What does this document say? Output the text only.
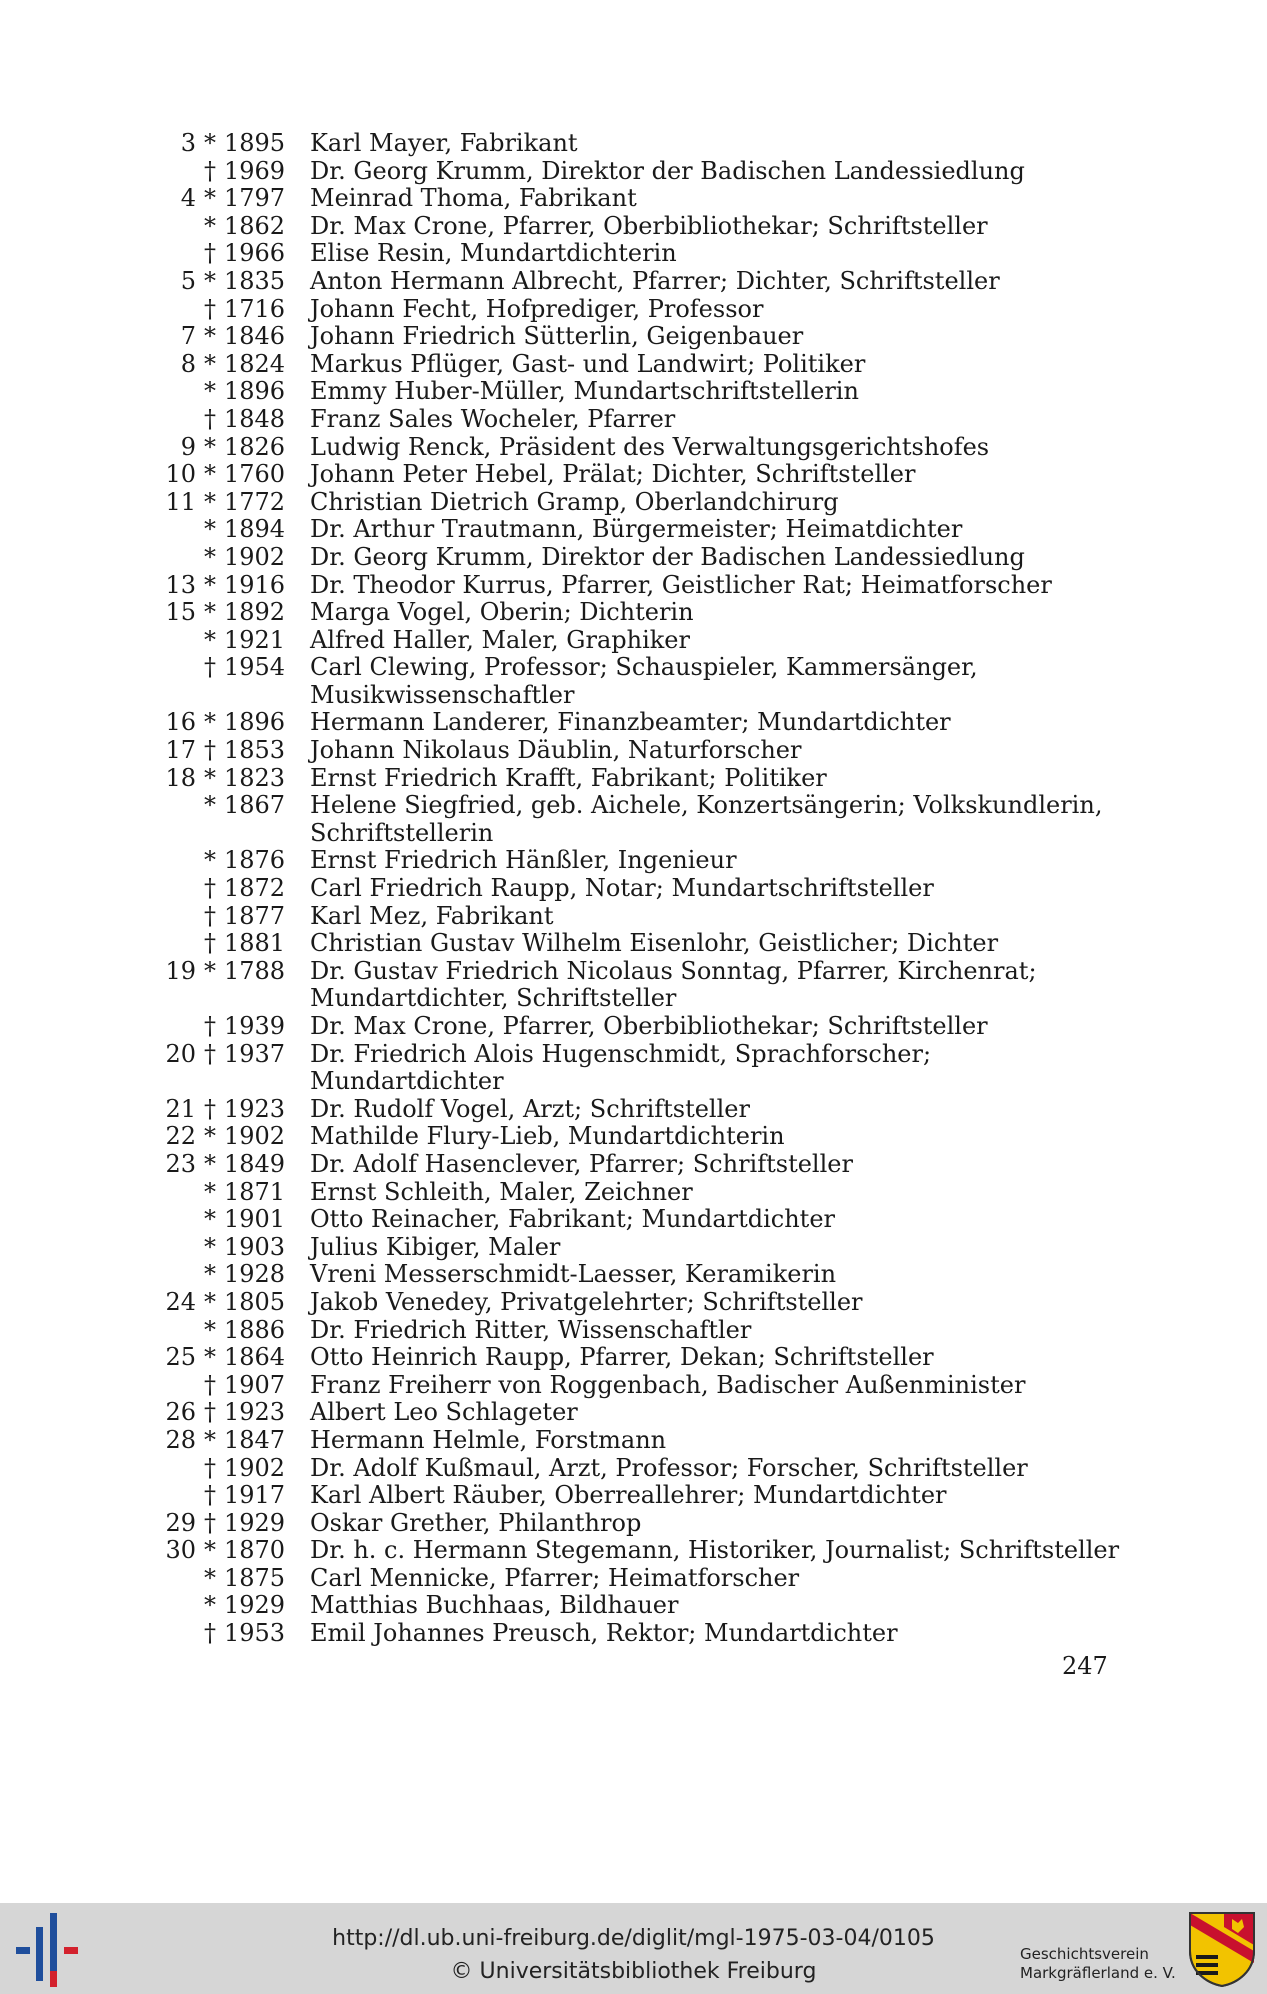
3 * 1895	Karl Mayer, Fabrikant
† 1969	Dr. Georg Krumm, Direktor der Badischen Landessiedlung
4 * 1797	Meinrad Thoma, Fabrikant
* 1862	Dr. Max Crone, Pfarrer, Oberbibliothekar; Schriftsteller
† 1966	Elise Resin, Mundartdichterin
5 * 1835	Anton Hermann Albrecht, Pfarrer; Dichter, Schriftsteller
† 1716	Johann Fecht, Hofprediger, Professor
7 * 1846	Johann Friedrich Sütterlin, Geigenbauer
8 * 1824	Markus Pflüger, Gast- und Landwirt; Politiker
* 1896	Emmy Huber-Müller, Mundartschriftstellerin
† 1848	Franz Sales Wocheler, Pfarrer
9 * 1826	Ludwig Renck, Präsident des Verwaltungsgerichtshofes
10 * 1760	Johann Peter Hebel, Prälat; Dichter, Schriftsteller
11 * 1772	Christian Dietrich Gramp, Oberlandchirurg
* 1894	Dr. Arthur Trautmann, Bürgermeister; Heimatdichter
* 1902	Dr. Georg Krumm, Direktor der Badischen Landessiedlung
13 * 1916	Dr. Theodor Kurrus, Pfarrer, Geistlicher Rat; Heimatforscher
15 * 1892	Marga Vogel, Oberin; Dichterin
* 1921	Alfred Haller, Maler, Graphiker
† 1954	Carl Clewing, Professor; Schauspieler, Kammersänger,
Musikwissenschaftler
16 * 1896	Hermann Landerer, Finanzbeamter; Mundartdichter
17 † 1853	Johann Nikolaus Däublin, Naturforscher
18 * 1823	Ernst Friedrich Krafft, Fabrikant; Politiker
* 1867	Helene Siegfried, geb. Aichele, Konzertsängerin; Volkskundlerin,
Schriftstellerin
* 1876	Ernst Friedrich Hänßler, Ingenieur
† 1872	Carl Friedrich Raupp, Notar; Mundartschriftsteller
† 1877	Karl Mez, Fabrikant
† 1881	Christian Gustav Wilhelm Eisenlohr, Geistlicher; Dichter
19 * 1788	Dr. Gustav Friedrich Nicolaus Sonntag, Pfarrer, Kirchenrat;
Mundartdichter, Schriftsteller
† 1939	Dr. Max Crone, Pfarrer, Oberbibliothekar; Schriftsteller
20 † 1937	Dr. Friedrich Alois Hugenschmidt, Sprachforscher; Mundartdichter
21 † 1923	Dr. Rudolf Vogel, Arzt; Schriftsteller
22 * 1902	Mathilde Flury-Lieb, Mundartdichterin
23 * 1849	Dr. Adolf Hasenclever, Pfarrer; Schriftsteller
* 1871	Ernst Schleith, Maler, Zeichner
* 1901	Otto Reinacher, Fabrikant; Mundartdichter
* 1903	Julius Kibiger, Maler
* 1928	Vreni Messerschmidt-Laesser, Keramikerin
24 * 1805	Jakob Venedey, Privatgelehrter; Schriftsteller
* 1886	Dr. Friedrich Ritter, Wissenschaftler
25 * 1864	Otto Heinrich Raupp, Pfarrer, Dekan; Schriftsteller
† 1907	Franz Freiherr von Roggenbach, Badischer Außenminister
26 † 1923	Albert Leo Schlageter
28 * 1847	Hermann Helmle, Forstmann
† 1902	Dr. Adolf Kußmaul, Arzt, Professor; Forscher, Schriftsteller
† 1917	Karl Albert Räuber, Oberreallehrer; Mundartdichter
29 † 1929	Oskar Grether, Philanthrop
30 * 1870	Dr. h. c. Hermann Stegemann, Historiker, Journalist; Schriftsteller
* 1875	Carl Mennicke, Pfarrer; Heimatforscher
* 1929	Matthias Buchhaas, Bildhauer
† 1953	Emil Johannes Preusch, Rektor; Mundartdichter
247
http://dl.ub.uni-freiburg.de/diglit/mgl-1975-03-04/0105
© Universitätsbibliothek Freiburg
Geschichtsverein
Markgräflerland e. V.
